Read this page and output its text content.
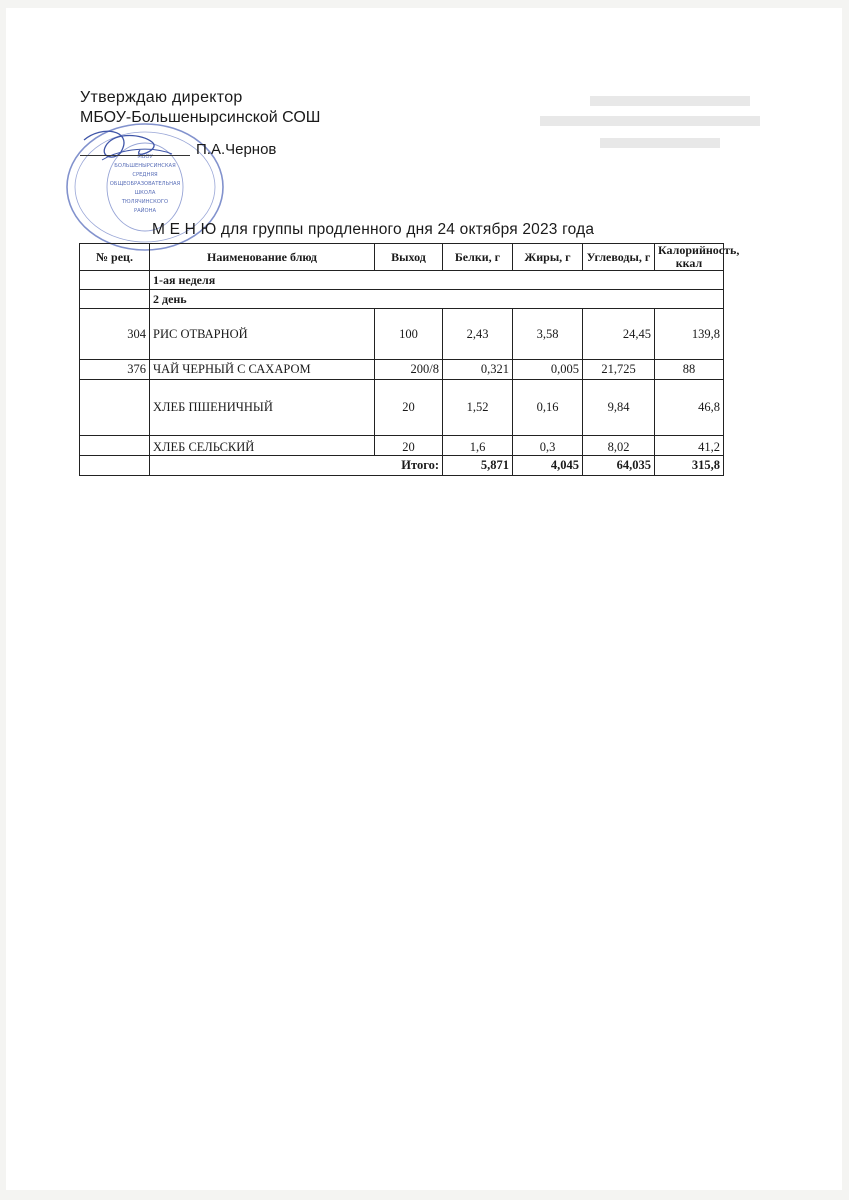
Утверждаю директор
МБОУ-Большенырсинской СОШ
МБОУ
БОЛЬШЕНЫРСИНСКАЯ
СРЕДНЯЯ
ОБЩЕОБРАЗОВАТЕЛЬНАЯ
ШКОЛА
ТЮЛЯЧИНСКОГО
РАЙОНА
П.А.Чернов
М Е Н Ю для группы продленного дня 24 октября 2023 года
№ рец.	Наименование блюд	Выход	Белки, г	Жиры, г	Углеводы, г	Калорийность, ккал
	1-ая неделя					
	2 день					
304	РИС ОТВАРНОЙ	100	2,43	3,58	24,45	139,8
376	ЧАЙ ЧЕРНЫЙ С САХАРОМ	200/8	0,321	0,005	21,725	88
	ХЛЕБ ПШЕНИЧНЫЙ	20	1,52	0,16	9,84	46,8
	ХЛЕБ СЕЛЬСКИЙ	20	1,6	0,3	8,02	41,2
	Итого:		5,871	4,045	64,035	315,8
